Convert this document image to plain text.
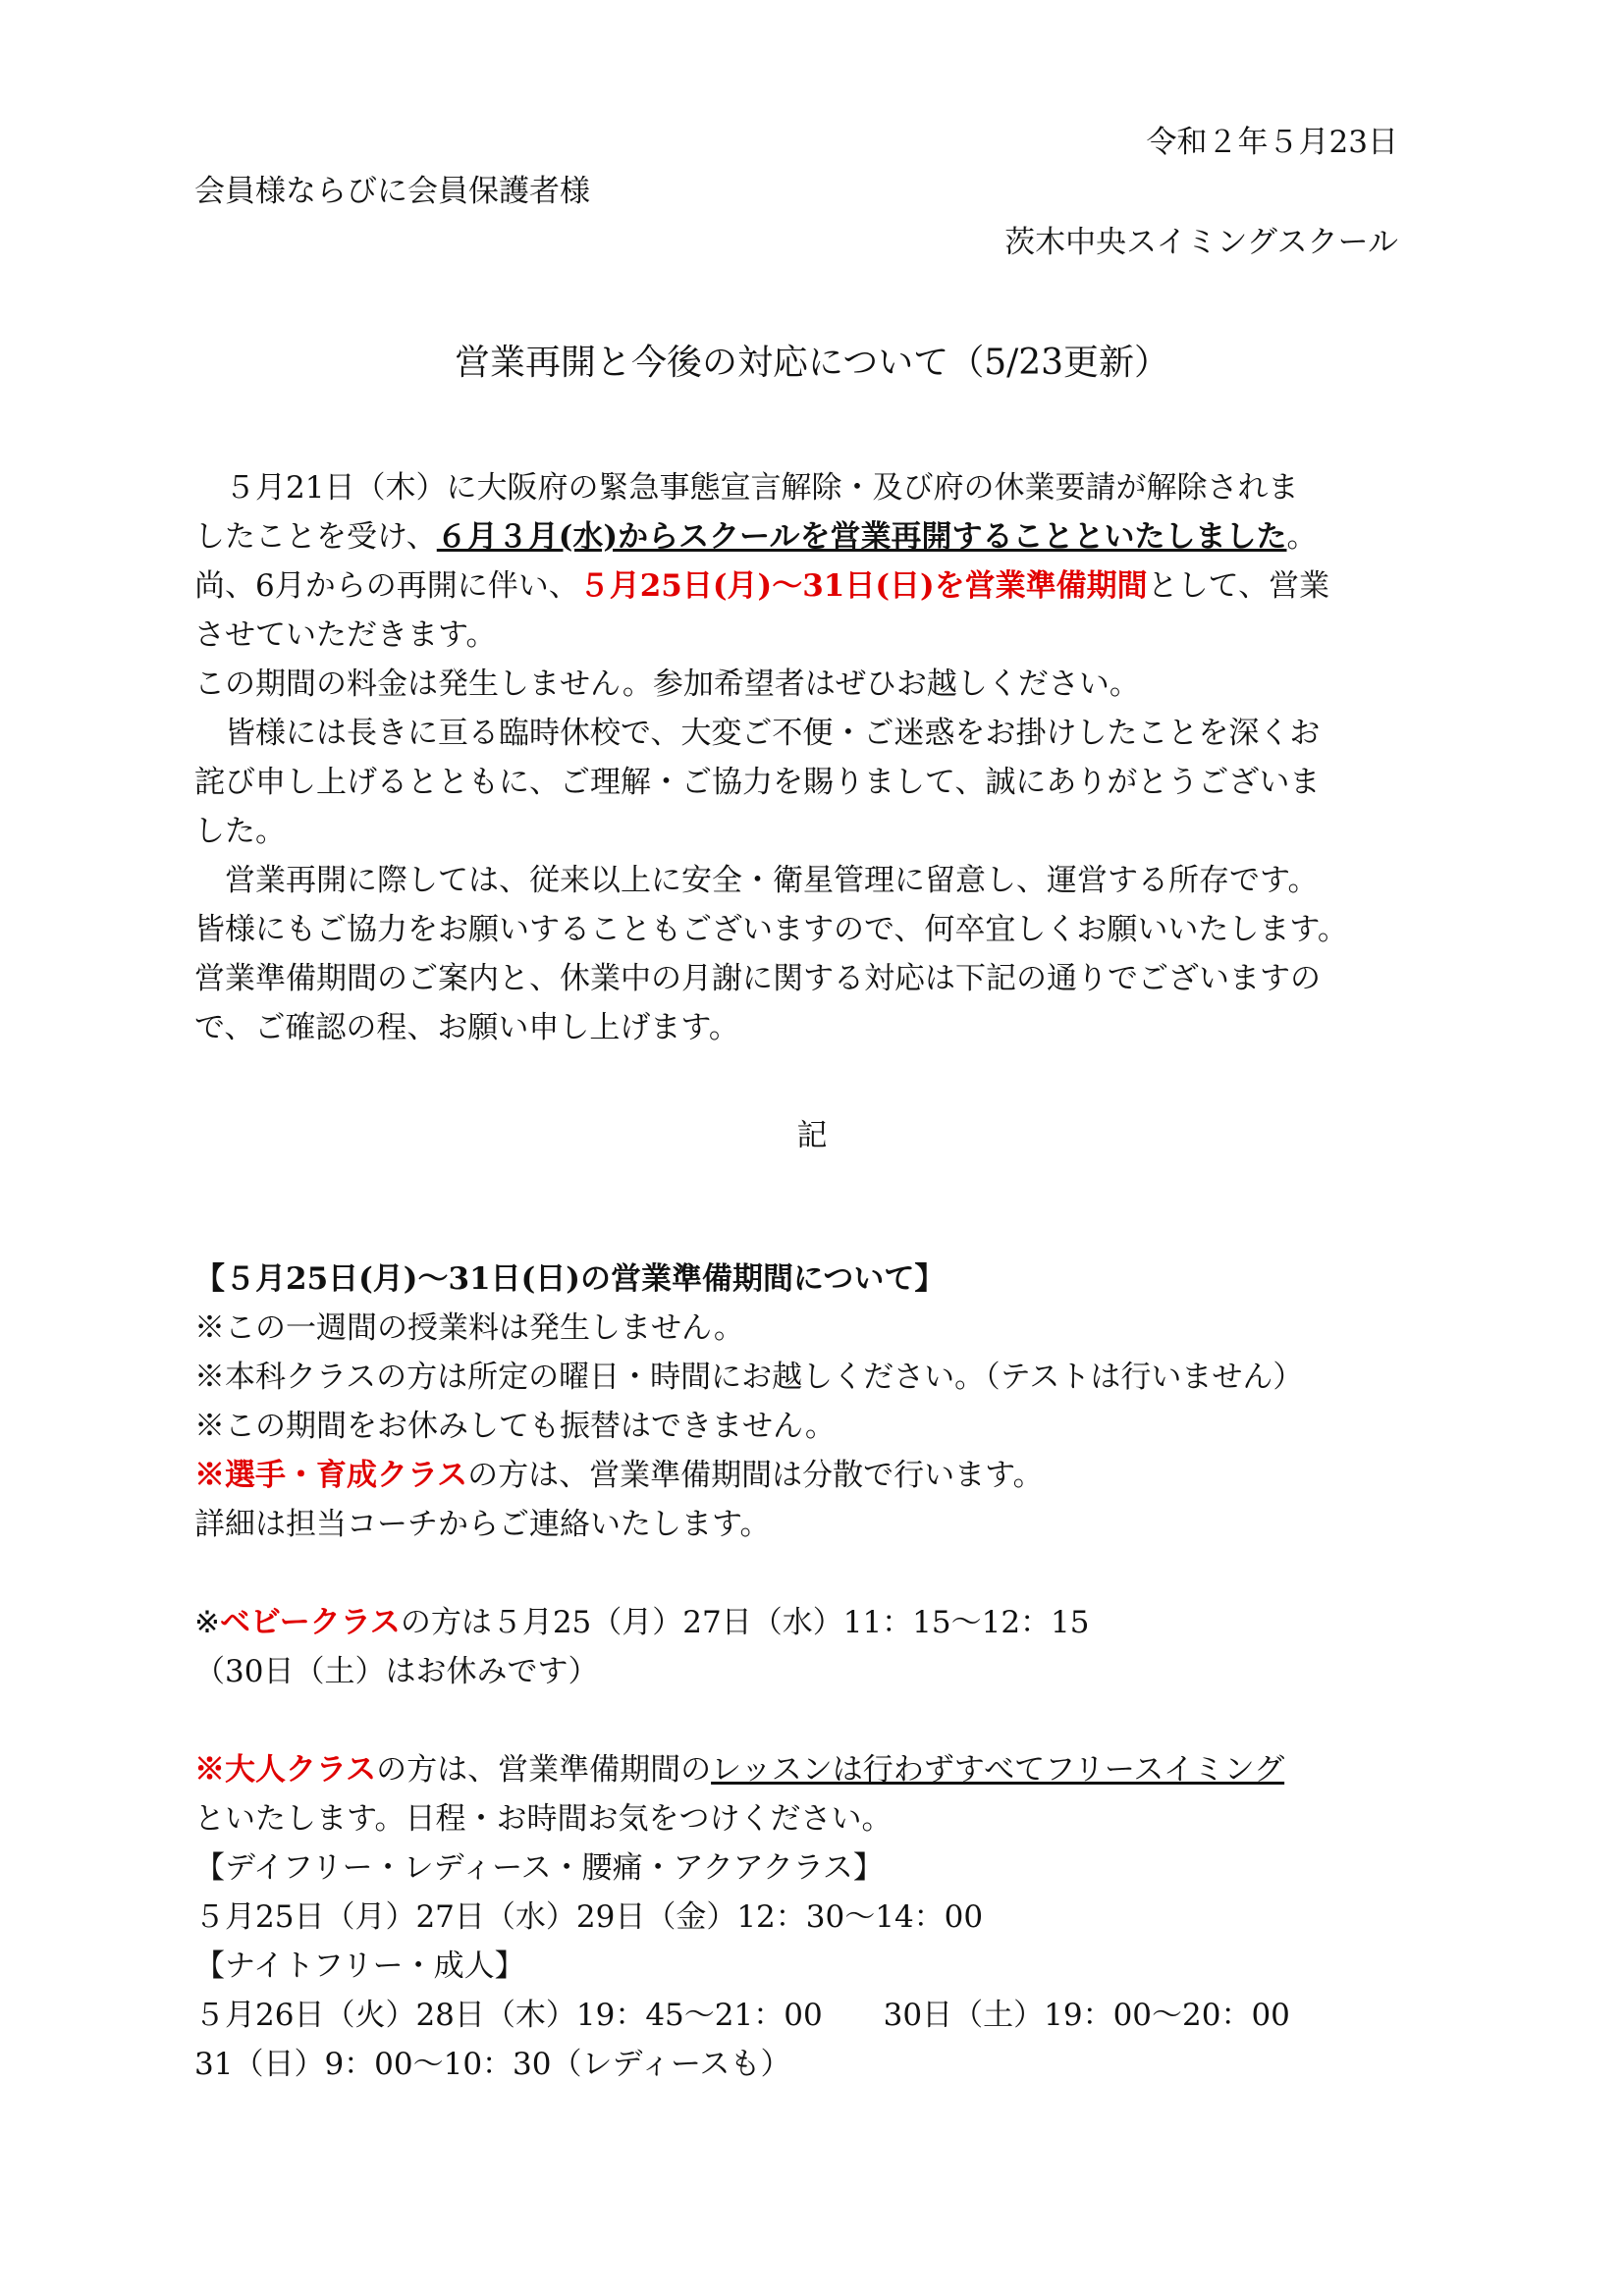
令和２年５月23日
会員様ならびに会員保護者様
茨木中央スイミングスクール
営業再開と今後の対応について（5/23更新）

　５月21日（木）に大阪府の緊急事態宣言解除・及び府の休業要請が解除されま

したことを受け、６月３月(水)からスクールを営業再開することといたしました。

尚、6月からの再開に伴い、５月25日(月)～31日(日)を営業準備期間として、営業

させていただきます。

この期間の料金は発生しません。参加希望者はぜひお越しください。

　皆様には長きに亘る臨時休校で、大変ご不便・ご迷惑をお掛けしたことを深くお

詫び申し上げるとともに、ご理解・ご協力を賜りまして、誠にありがとうございま

した。

　営業再開に際しては、従来以上に安全・衛星管理に留意し、運営する所存です。

皆様にもご協力をお願いすることもございますので、何卒宜しくお願いいたします。

営業準備期間のご案内と、休業中の月謝に関する対応は下記の通りでございますの

で、ご確認の程、お願い申し上げます。

記
【５月25日(月)～31日(日)の営業準備期間について】
※この一週間の授業料は発生しません。
※本科クラスの方は所定の曜日・時間にお越しください。（テストは行いません）
※この期間をお休みしても振替はできません。
※選手・育成クラスの方は、営業準備期間は分散で行います。
詳細は担当コーチからご連絡いたします。
※ベビークラスの方は５月25（月）27日（水）11：15～12：15
（30日（土）はお休みです）
※大人クラスの方は、営業準備期間のレッスンは行わずすべてフリースイミング
といたします。日程・お時間お気をつけください。
【デイフリー・レディース・腰痛・アクアクラス】
５月25日（月）27日（水）29日（金）12：30～14：00
【ナイトフリー・成人】
５月26日（火）28日（木）19：45～21：00　　30日（土）19：00～20：00
31（日）9：00～10：30（レディースも）
